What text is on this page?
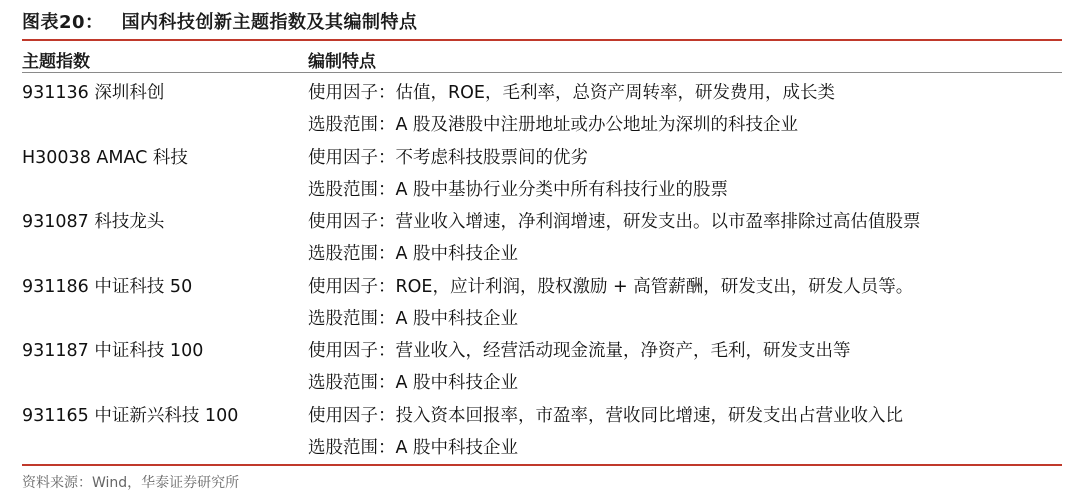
图表20： 国内科技创新主题指数及其编制特点
主题指数	编制特点
931136 深圳科创	使用因子：估值，ROE，毛利率，总资产周转率，研发费用，成长类
选股范围：A 股及港股中注册地址或办公地址为深圳的科技企业
H30038 AMAC 科技	使用因子：不考虑科技股票间的优劣
选股范围：A 股中基协行业分类中所有科技行业的股票
931087 科技龙头	使用因子：营业收入增速，净利润增速，研发支出。以市盈率排除过高估值股票
选股范围：A 股中科技企业
931186 中证科技 50	使用因子：ROE，应计利润，股权激励 + 高管薪酬，研发支出，研发人员等。
选股范围：A 股中科技企业
931187 中证科技 100	使用因子：营业收入，经营活动现金流量，净资产，毛利，研发支出等
选股范围：A 股中科技企业
931165 中证新兴科技 100	使用因子：投入资本回报率，市盈率，营收同比增速，研发支出占营业收入比
选股范围：A 股中科技企业
资料来源：Wind，华泰证券研究所
